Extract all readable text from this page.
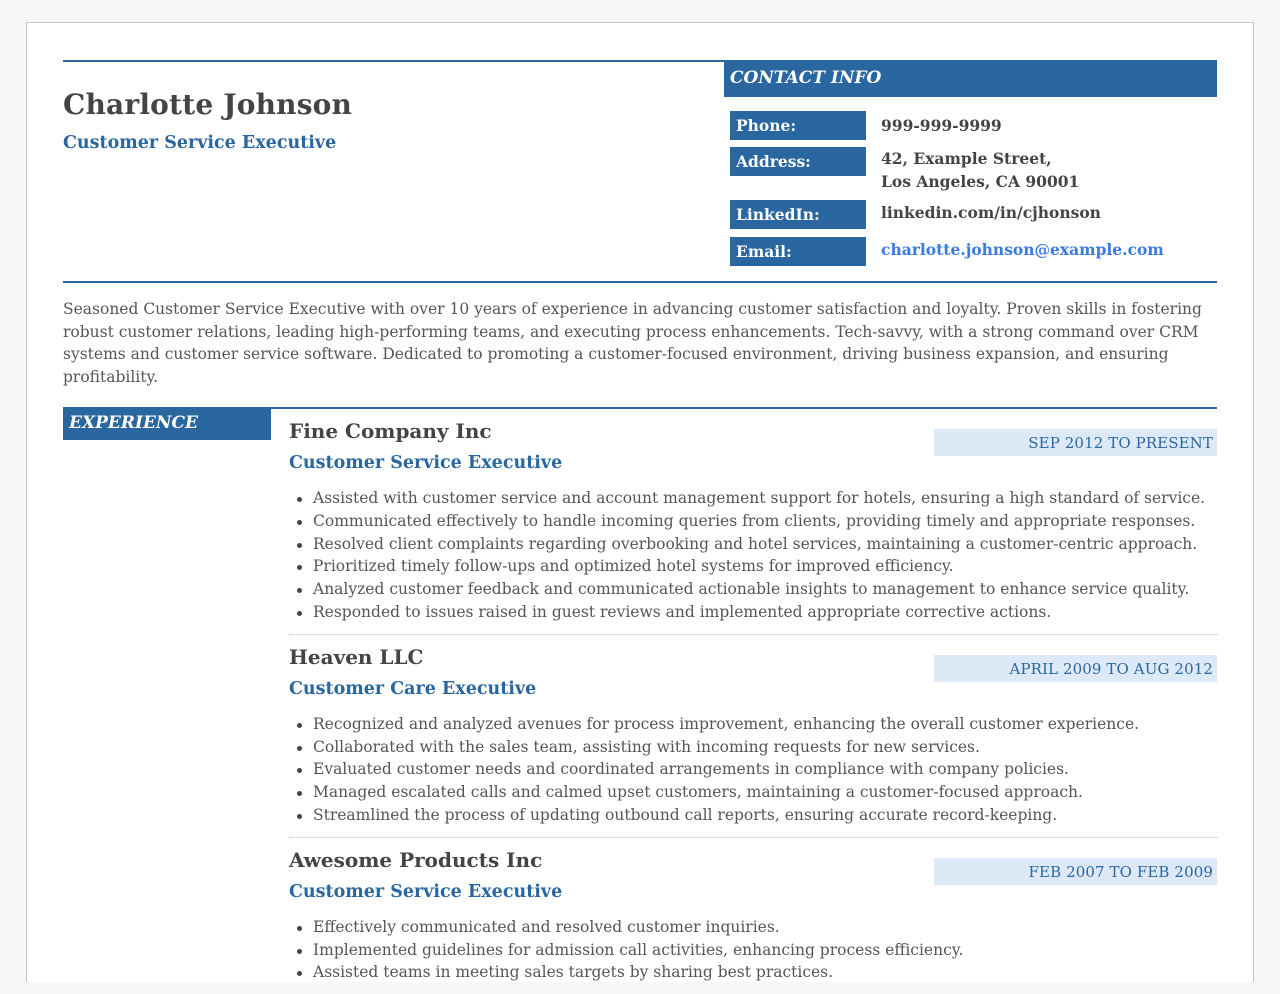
Charlotte Johnson
Customer Service Executive
CONTACT INFO
Phone:	999-999-9999
Address:	42, Example Street,
Los Angeles, CA 90001
LinkedIn:	linkedin.com/in/cjhonson
Email:	charlotte.johnson@example.com
Seasoned Customer Service Executive with over 10 years of experience in advancing customer satisfaction and loyalty. Proven skills in fostering robust customer relations, leading high-performing teams, and executing process enhancements. Tech-savvy, with a strong command over CRM systems and customer service software. Dedicated to promoting a customer-focused environment, driving business expansion, and ensuring profitability.
EXPERIENCE	Fine Company Inc	SEP 2012 TO PRESENT
Customer Service Executive
Assisted with customer service and account management support for hotels, ensuring a high standard of service.
Communicated effectively to handle incoming queries from clients, providing timely and appropriate responses.
Resolved client complaints regarding overbooking and hotel services, maintaining a customer-centric approach.
Prioritized timely follow-ups and optimized hotel systems for improved efficiency.
Analyzed customer feedback and communicated actionable insights to management to enhance service quality.
Responded to issues raised in guest reviews and implemented appropriate corrective actions.
Heaven LLC	APRIL 2009 TO AUG 2012
Customer Care Executive
Recognized and analyzed avenues for process improvement, enhancing the overall customer experience.
Collaborated with the sales team, assisting with incoming requests for new services.
Evaluated customer needs and coordinated arrangements in compliance with company policies.
Managed escalated calls and calmed upset customers, maintaining a customer-focused approach.
Streamlined the process of updating outbound call reports, ensuring accurate record-keeping.
Awesome Products Inc	FEB 2007 TO FEB 2009
Customer Service Executive
Effectively communicated and resolved customer inquiries.
Implemented guidelines for admission call activities, enhancing process efficiency.
Assisted teams in meeting sales targets by sharing best practices.
